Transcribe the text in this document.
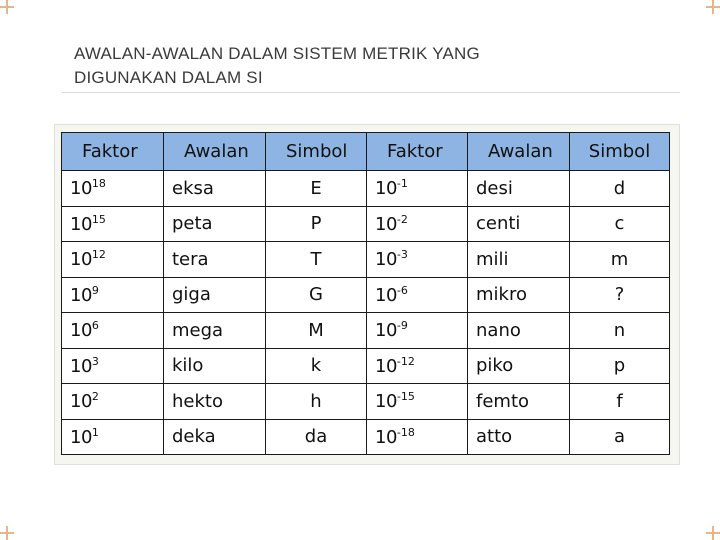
AWALAN-AWALAN DALAM SISTEM METRIK YANG
DIGUNAKAN DALAM SI
Faktor	Awalan	Simbol	Faktor	Awalan	Simbol
$10^{18}$	eksa	E	$10^{-1}$	desi	d
$10^{15}$	peta	P	$10^{-2}$	centi	c
$10^{12}$	tera	T	$10^{-3}$	mili	m
$10^9$	giga	G	$10^{-6}$	mikro	?
$10^6$	mega	M	$10^{-9}$	nano	n
$10^3$	kilo	k	$10^{-12}$	piko	p
$10^2$	hekto	h	$10^{-15}$	femto	f
$10^1$	deka	da	$10^{-18}$	atto	a
